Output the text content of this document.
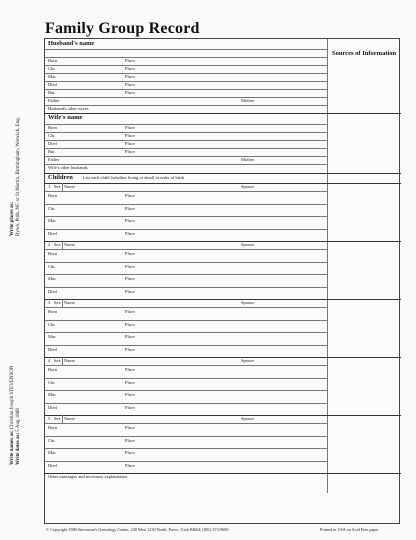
Family Group Record
Write places as: Bywn, Prnk, NC or St Martin, Birmingham, Warwick, Eng.
Write names as: Christian Joseph STEVENSON
Write dates as: 5 Aug 1868
Husband's name
Sources of Information
Born	Place
Chr.	Place
Mar.	Place
Died	Place
Bur.	Place
Father	Mother
Husband's other wives
Wife's name
Born	Place
Chr.	Place
Died	Place
Bur.	Place
Father	Mother
Wife's other husbands
Children List each child (whether living or dead) in order of birth
1 Sex Name	Spouse
Born	Place
Chr.	Place
Mar.	Place
Died	Place
2 Sex Name	Spouse
Born	Place
Chr.	Place
Mar.	Place
Died	Place
3 Sex Name	Spouse
Born	Place
Chr.	Place
Mar.	Place
Died	Place
4 Sex Name	Spouse
Born	Place
Chr.	Place
Mar.	Place
Died	Place
5 Sex Name	Spouse
Born	Place
Chr.	Place
Mar.	Place
Died	Place
Other marriages and necessary explanations
© Copyright 1988 Stevenson's Genealogy Center, 230 West 1230 North, Provo, Utah 84604, (801) 374-9600	Printed in USA on Acid Free paper
